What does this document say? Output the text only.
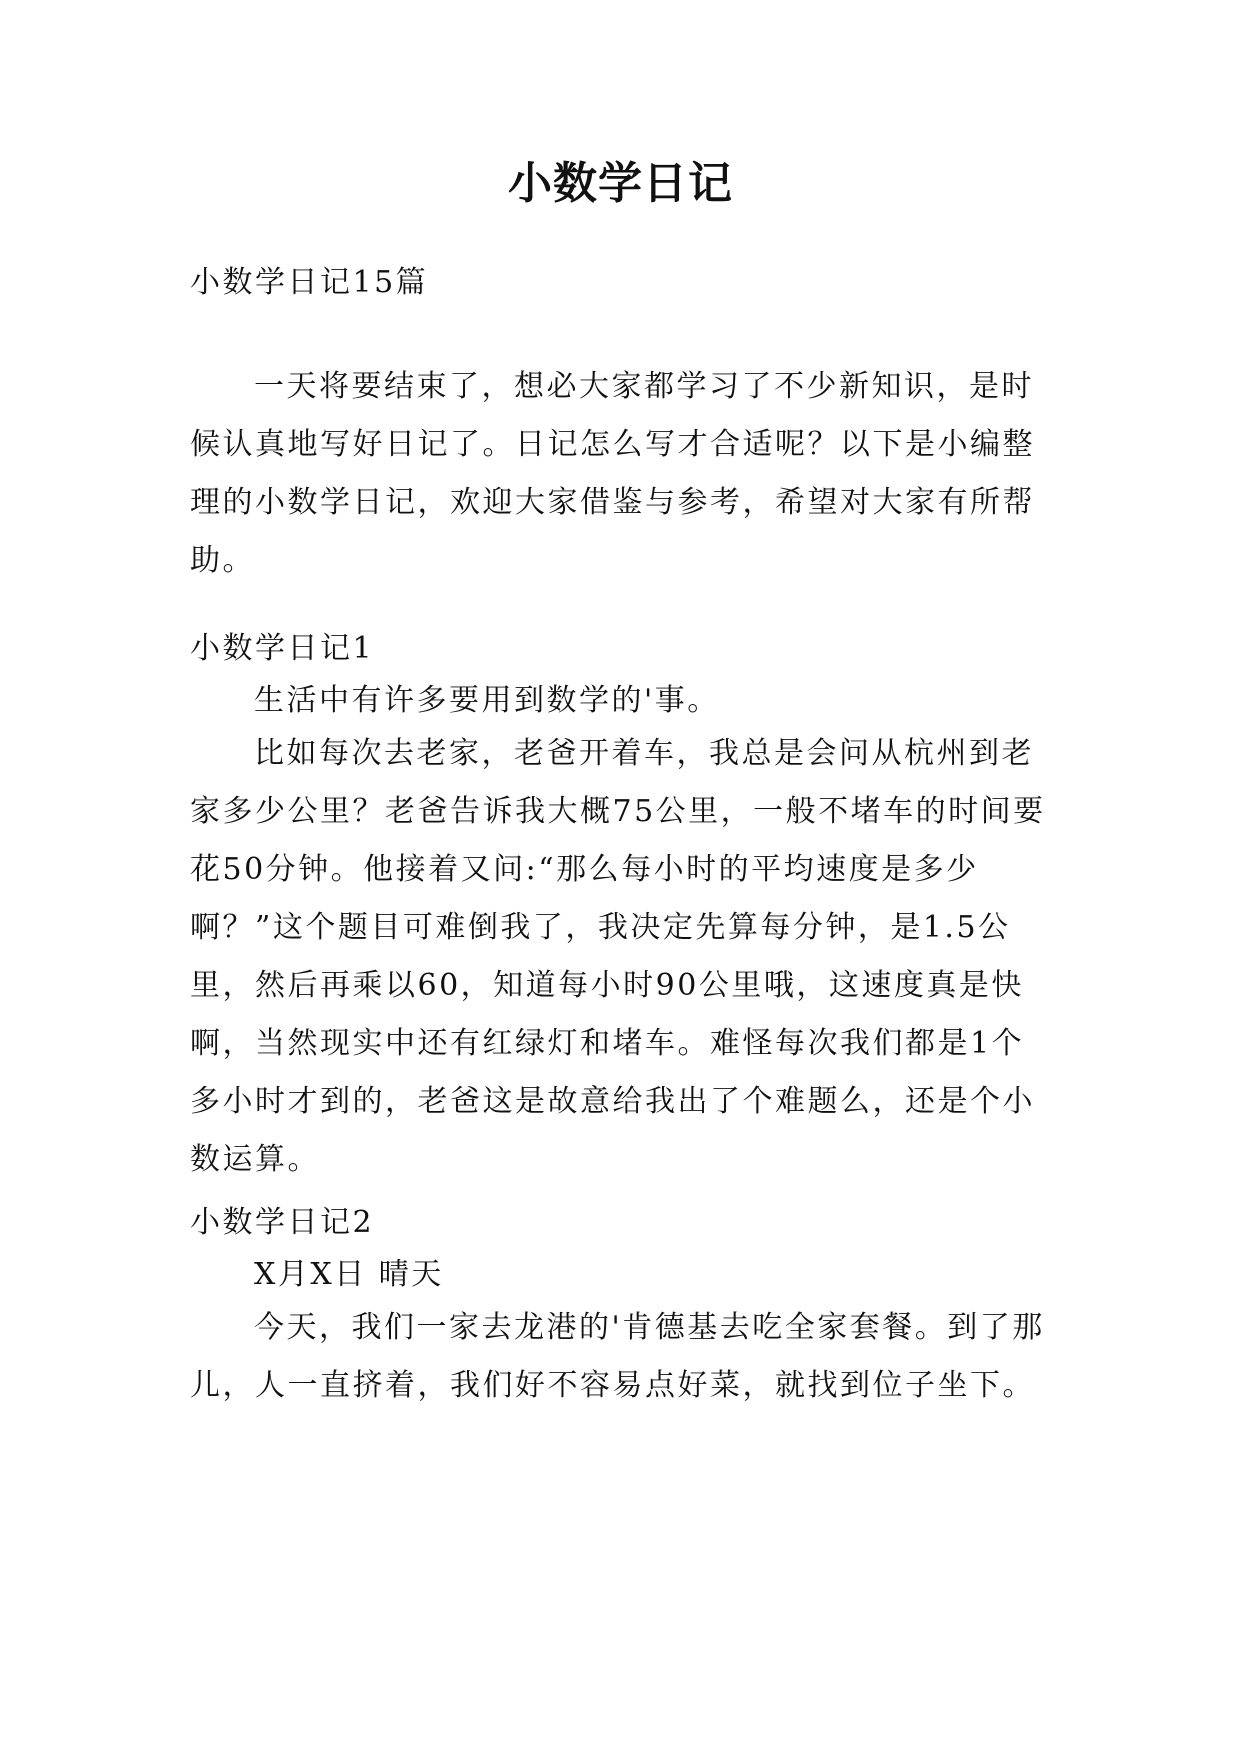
小数学日记

小数学日记15篇

一天将要结束了，想必大家都学习了不少新知识，是时候认真地写好日记了。日记怎么写才合适呢？以下是小编整理的小数学日记，欢迎大家借鉴与参考，希望对大家有所帮助。

小数学日记1

生活中有许多要用到数学的'事。

比如每次去老家，老爸开着车，我总是会问从杭州到老家多少公里？老爸告诉我大概75公里，一般不堵车的时间要花50分钟。他接着又问:“那么每小时的平均速度是多少啊？”这个题目可难倒我了，我决定先算每分钟，是1.5公里，然后再乘以60，知道每小时90公里哦，这速度真是快啊，当然现实中还有红绿灯和堵车。难怪每次我们都是1个多小时才到的，老爸这是故意给我出了个难题么，还是个小数运算。

小数学日记2

X月X日 晴天

今天，我们一家去龙港的'肯德基去吃全家套餐。到了那儿，人一直挤着，我们好不容易点好菜，就找到位子坐下。
